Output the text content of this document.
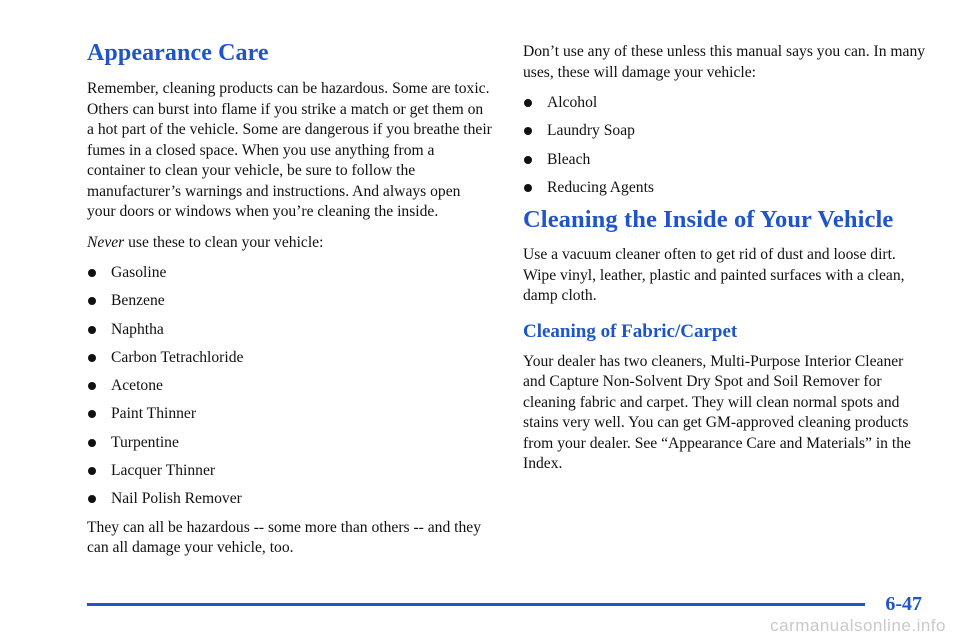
Appearance Care

Remember, cleaning products can be hazardous. Some are toxic. Others can burst into flame if you strike a match or get them on a hot part of the vehicle. Some are dangerous if you breathe their fumes in a closed space. When you use anything from a container to clean your vehicle, be sure to follow the manufacturer’s warnings and instructions. And always open your doors or windows when you’re cleaning the inside.

Never use these to clean your vehicle:

Gasoline
Benzene
Naphtha
Carbon Tetrachloride
Acetone
Paint Thinner
Turpentine
Lacquer Thinner
Nail Polish Remover

They can all be hazardous -- some more than others -- and they can all damage your vehicle, too.

Don’t use any of these unless this manual says you can. In many uses, these will damage your vehicle:

Alcohol
Laundry Soap
Bleach
Reducing Agents
Cleaning the Inside of Your Vehicle

Use a vacuum cleaner often to get rid of dust and loose dirt. Wipe vinyl, leather, plastic and painted surfaces with a clean, damp cloth.

Cleaning of Fabric/Carpet

Your dealer has two cleaners, Multi-Purpose Interior Cleaner and Capture Non-Solvent Dry Spot and Soil Remover for cleaning fabric and carpet. They will clean normal spots and stains very well. You can get GM-approved cleaning products from your dealer. See “Appearance Care and Materials” in the Index.

6-47
carmanualsonline.info
